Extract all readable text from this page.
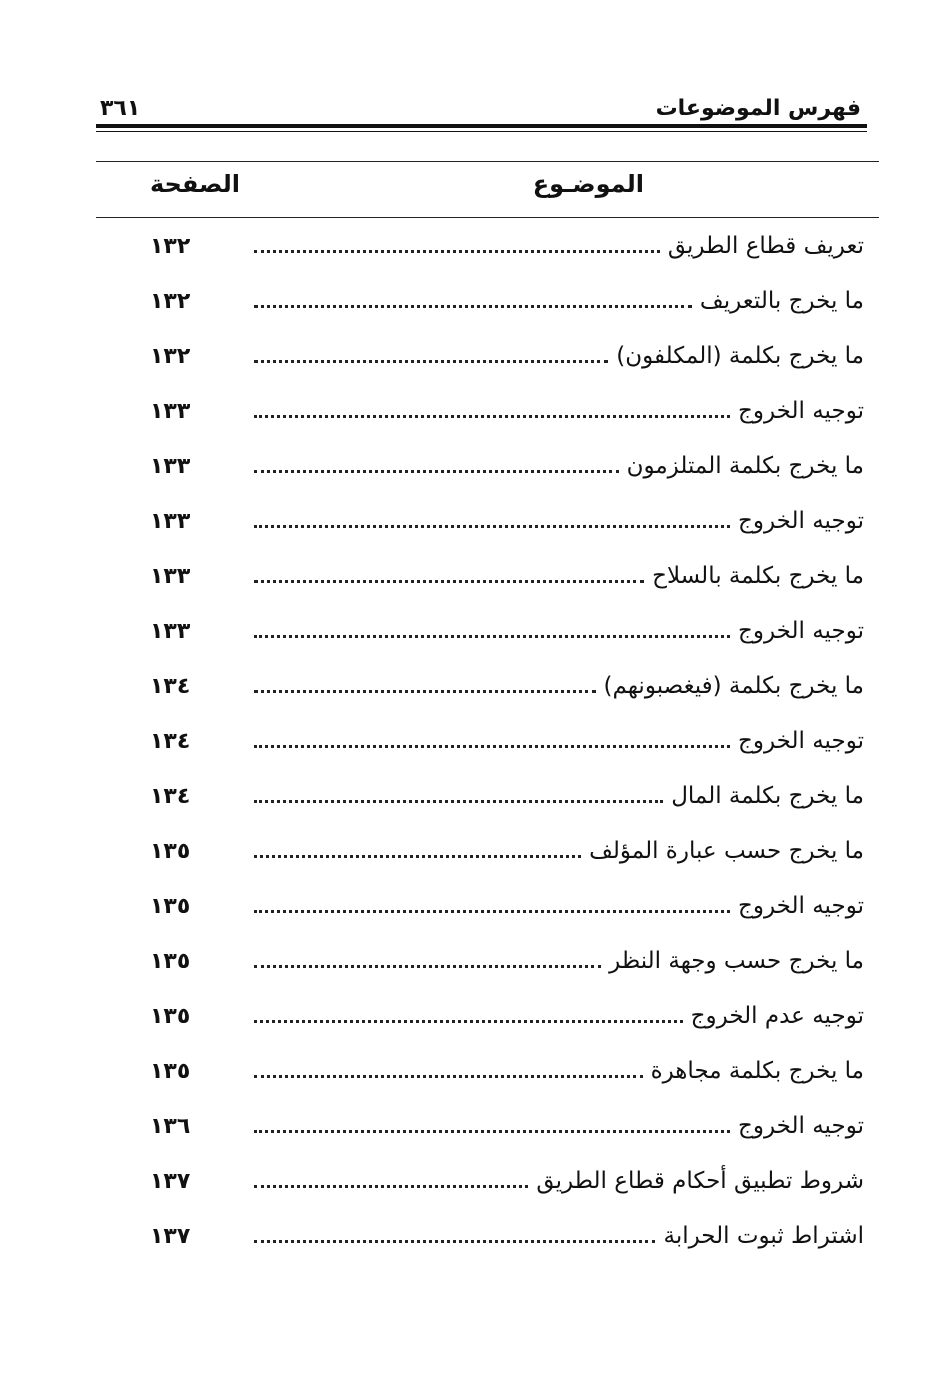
فهرس الموضوعات
٣٦١
الموضـوع
الصفحة
تعريف قطاع الطريق
١٣٢
ما يخرج بالتعريف
١٣٢
ما يخرج بكلمة (المكلفون)
١٣٢
توجيه الخروج
١٣٣
ما يخرج بكلمة المتلزمون
١٣٣
توجيه الخروج
١٣٣
ما يخرج بكلمة بالسلاح
١٣٣
توجيه الخروج
١٣٣
ما يخرج بكلمة (فيغصبونهم)
١٣٤
توجيه الخروج
١٣٤
ما يخرج بكلمة المال
١٣٤
ما يخرج حسب عبارة المؤلف
١٣٥
توجيه الخروج
١٣٥
ما يخرج حسب وجهة النظر
١٣٥
توجيه عدم الخروج
١٣٥
ما يخرج بكلمة مجاهرة
١٣٥
توجيه الخروج
١٣٦
شروط تطبيق أحكام قطاع الطريق
١٣٧
اشتراط ثبوت الحرابة
١٣٧
